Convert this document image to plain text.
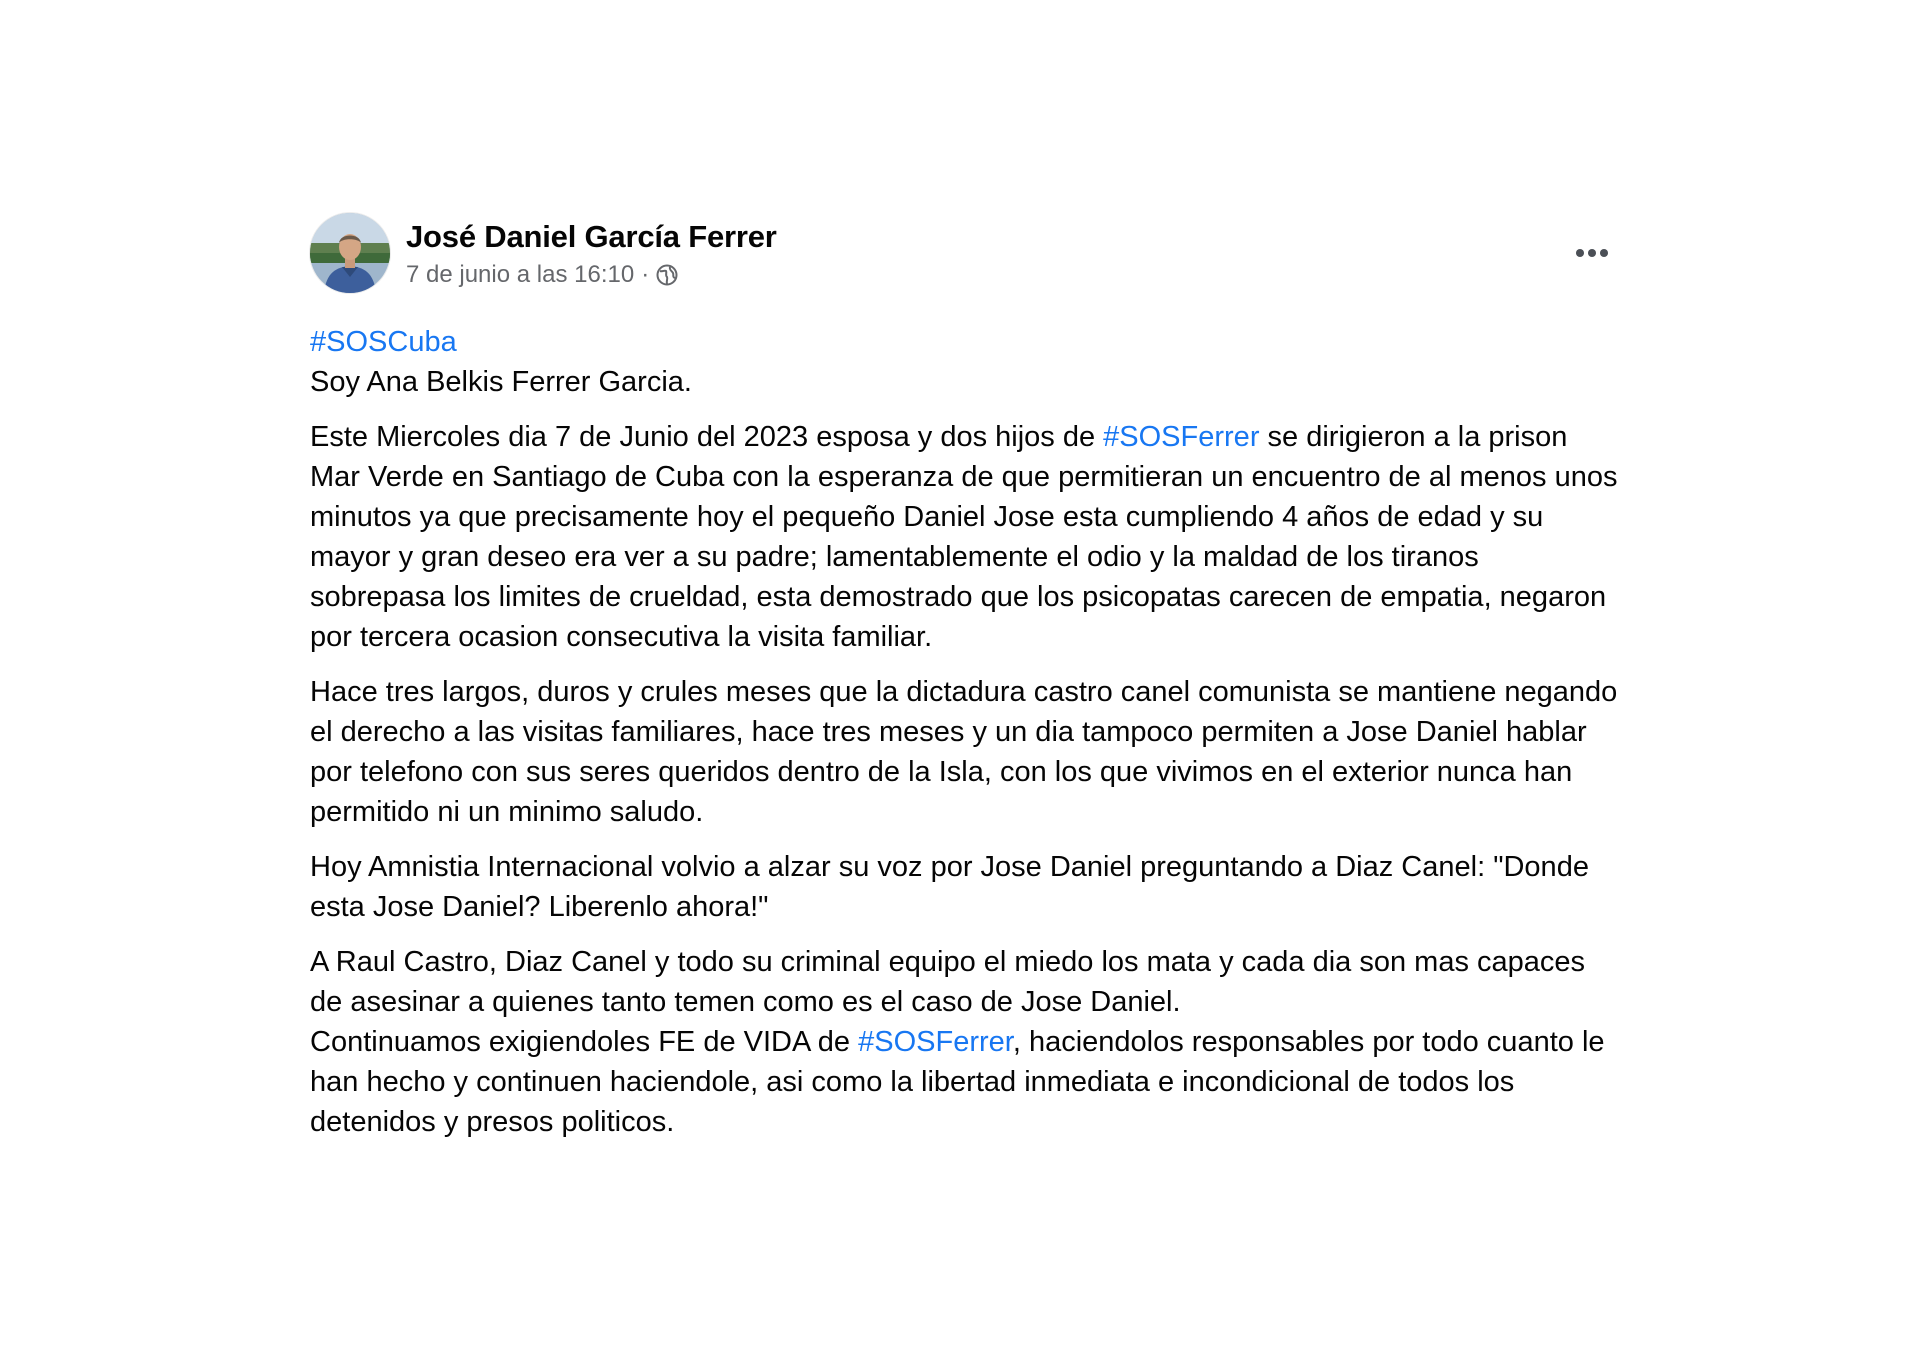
José Daniel García Ferrer
7 de junio a las 16:10 ·

#SOSCuba

Soy Ana Belkis Ferrer Garcia.

Este Miercoles dia 7 de Junio del 2023 esposa y dos hijos de #SOSFerrer se dirigieron a la prison Mar Verde en Santiago de Cuba con la esperanza de que permitieran un encuentro de al menos unos minutos ya que precisamente hoy el pequeño Daniel Jose esta cumpliendo 4 años de edad y su mayor y gran deseo era ver a su padre; lamentablemente el odio y la maldad de los tiranos sobrepasa los limites de crueldad, esta demostrado que los psicopatas carecen de empatia, negaron por tercera ocasion consecutiva la visita familiar.

Hace tres largos, duros y crules meses que la dictadura castro canel comunista se mantiene negando el derecho a las visitas familiares, hace tres meses y un dia tampoco permiten a Jose Daniel hablar por telefono con sus seres queridos dentro de la Isla, con los que vivimos en el exterior nunca han permitido ni un minimo saludo.

Hoy Amnistia Internacional volvio a alzar su voz por Jose Daniel preguntando a Diaz Canel: "Donde esta Jose Daniel? Liberenlo ahora!"

A Raul Castro, Diaz Canel y todo su criminal equipo el miedo los mata y cada dia son mas capaces de asesinar a quienes tanto temen como es el caso de Jose Daniel.

Continuamos exigiendoles FE de VIDA de #SOSFerrer, haciendolos responsables por todo cuanto le han hecho y continuen haciendole, asi como la libertad inmediata e incondicional de todos los detenidos y presos politicos.
